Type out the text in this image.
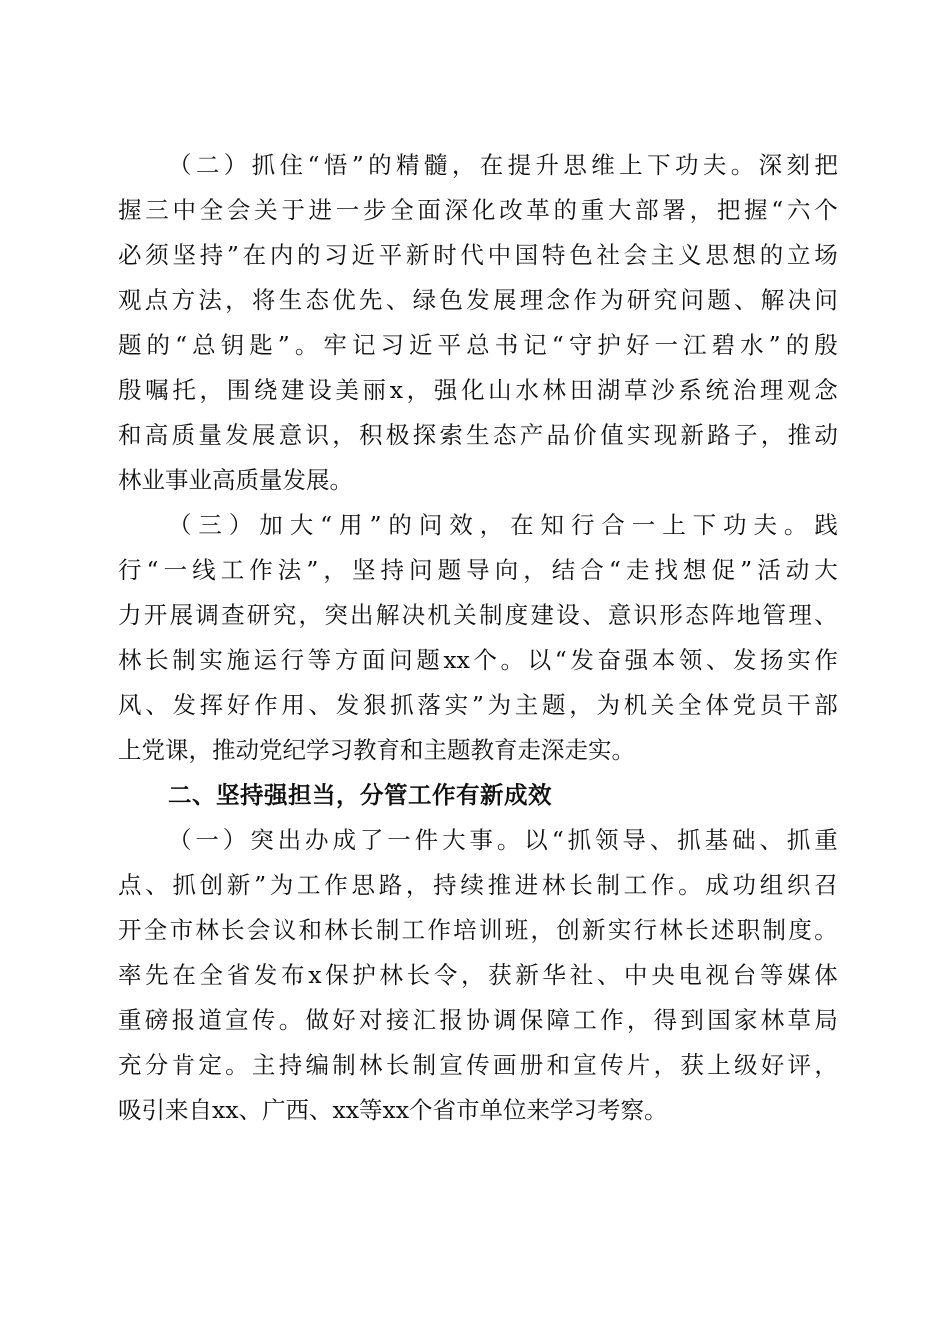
（ 二 ） 抓 住 “ 悟 ” 的 精 髓 ， 在 提 升 思 维 上 下 功 夫 。 深 刻 把
握 三 中 全 会 关 于 进 一 步 全 面 深 化 改 革 的 重 大 部 署 ， 把 握 “ 六 个
必 须 坚 持 ” 在 内 的 习 近 平 新 时 代 中 国 特 色 社 会 主 义 思 想 的 立 场
观 点 方 法 ， 将 生 态 优 先 、 绿 色 发 展 理 念 作 为 研 究 问 题 、 解 决 问
题 的 “ 总 钥 匙 ” 。 牢 记 习 近 平 总 书 记 “ 守 护 好 一 江 碧 水 ” 的 殷
殷 嘱 托 ， 围 绕 建 设 美 丽 x ， 强 化 山 水 林 田 湖 草 沙 系 统 治 理 观 念
和 高 质 量 发 展 意 识 ， 积 极 探 索 生 态 产 品 价 值 实 现 新 路 子 ， 推 动
林业事业高质量发展。
（ 三 ） 加 大 “ 用 ” 的 问 效 ， 在 知 行 合 一 上 下 功 夫 。 践
行 “ 一 线 工 作 法 ” ， 坚 持 问 题 导 向 ， 结 合 “ 走 找 想 促 ” 活 动 大
力 开 展 调 查 研 究 ， 突 出 解 决 机 关 制 度 建 设 、 意 识 形 态 阵 地 管 理 、
林 长 制 实 施 运 行 等 方 面 问 题 xx 个 。 以 “ 发 奋 强 本 领 、 发 扬 实 作
风 、 发 挥 好 作 用 、 发 狠 抓 落 实 ” 为 主 题 ， 为 机 关 全 体 党 员 干 部
上党课，推动党纪学习教育和主题教育走深走实。
二、坚持强担当，分管工作有新成效
（ 一 ） 突 出 办 成 了 一 件 大 事 。 以 “ 抓 领 导 、 抓 基 础 、 抓 重
点 、 抓 创 新 ” 为 工 作 思 路 ， 持 续 推 进 林 长 制 工 作 。 成 功 组 织 召
开 全 市 林 长 会 议 和 林 长 制 工 作 培 训 班 ， 创 新 实 行 林 长 述 职 制 度 。
率 先 在 全 省 发 布 x 保 护 林 长 令 ， 获 新 华 社 、 中 央 电 视 台 等 媒 体
重 磅 报 道 宣 传 。 做 好 对 接 汇 报 协 调 保 障 工 作 ， 得 到 国 家 林 草 局
充 分 肯 定 。 主 持 编 制 林 长 制 宣 传 画 册 和 宣 传 片 ， 获 上 级 好 评 ，
吸引来自xx、广西、xx等xx个省市单位来学习考察。
